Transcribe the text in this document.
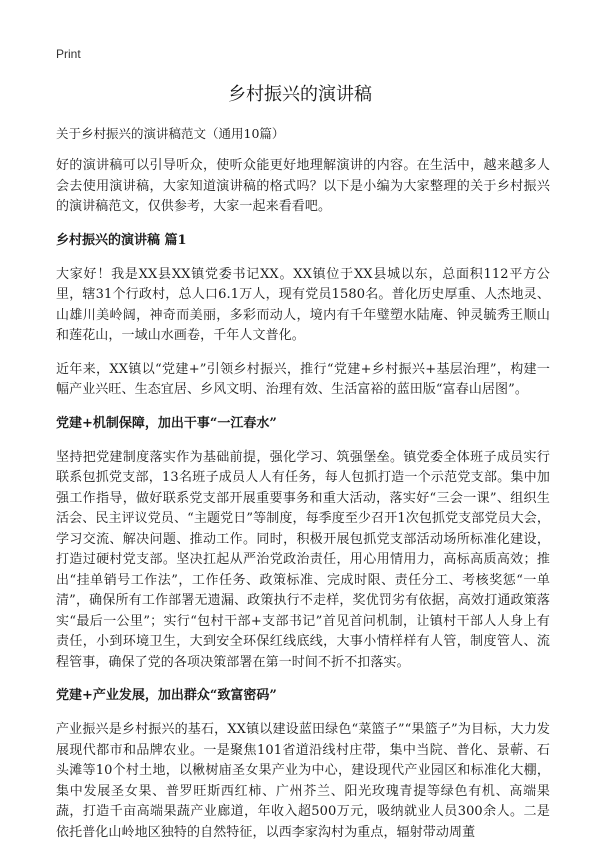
Print
乡村振兴的演讲稿

关于乡村振兴的演讲稿范文（通用10篇）

好的演讲稿可以引导听众，使听众能更好地理解演讲的内容。在生活中，越来越多人会去使用演讲稿，大家知道演讲稿的格式吗？以下是小编为大家整理的关于乡村振兴的演讲稿范文，仅供参考，大家一起来看看吧。

乡村振兴的演讲稿 篇1

大家好！我是XX县XX镇党委书记XX。XX镇位于XX县城以东，总面积112平方公里，辖31个行政村，总人口6.1万人，现有党员1580名。普化历史厚重、人杰地灵、山雄川美岭阔，神奇而美丽，多彩而动人，境内有千年璧塑水陆庵、钟灵毓秀王顺山和莲花山，一域山水画卷，千年人文普化。

近年来，XX镇以“党建+”引领乡村振兴，推行“党建+乡村振兴+基层治理”，构建一幅产业兴旺、生态宜居、乡风文明、治理有效、生活富裕的蓝田版“富春山居图”。

党建+机制保障，加出干事“一江春水”

坚持把党建制度落实作为基础前提，强化学习、筑强堡垒。镇党委全体班子成员实行联系包抓党支部，13名班子成员人人有任务，每人包抓打造一个示范党支部。集中加强工作指导，做好联系党支部开展重要事务和重大活动，落实好“三会一课”、组织生活会、民主评议党员、“主题党日”等制度，每季度至少召开1次包抓党支部党员大会，学习交流、解决问题、推动工作。同时，积极开展包抓党支部活动场所标准化建设，打造过硬村党支部。坚决扛起从严治党政治责任，用心用情用力，高标高质高效；推出“挂单销号工作法”，工作任务、政策标准、完成时限、责任分工、考核奖惩“一单清”，确保所有工作部署无遗漏、政策执行不走样，奖优罚劣有依据，高效打通政策落实“最后一公里”；实行“包村干部+支部书记”首见首问机制，让镇村干部人人身上有责任，小到环境卫生，大到安全环保红线底线，大事小情样样有人管，制度管人、流程管事，确保了党的各项决策部署在第一时间不折不扣落实。

党建+产业发展，加出群众“致富密码”

产业振兴是乡村振兴的基石，XX镇以建设蓝田绿色“菜篮子”“果篮子”为目标，大力发展现代都市和品牌农业。一是聚焦101省道沿线村庄带，集中当院、普化、景蕲、石头滩等10个村土地，以楸树庙圣女果产业为中心，建设现代产业园区和标准化大棚，集中发展圣女果、普罗旺斯西红柿、广州芥兰、阳光玫瑰青提等绿色有机、高端果蔬，打造千亩高端果蔬产业廊道，年收入超500万元，吸纳就业人员300余人。二是依托普化山岭地区独特的自然特征，以西李家沟村为重点，辐射带动周董
